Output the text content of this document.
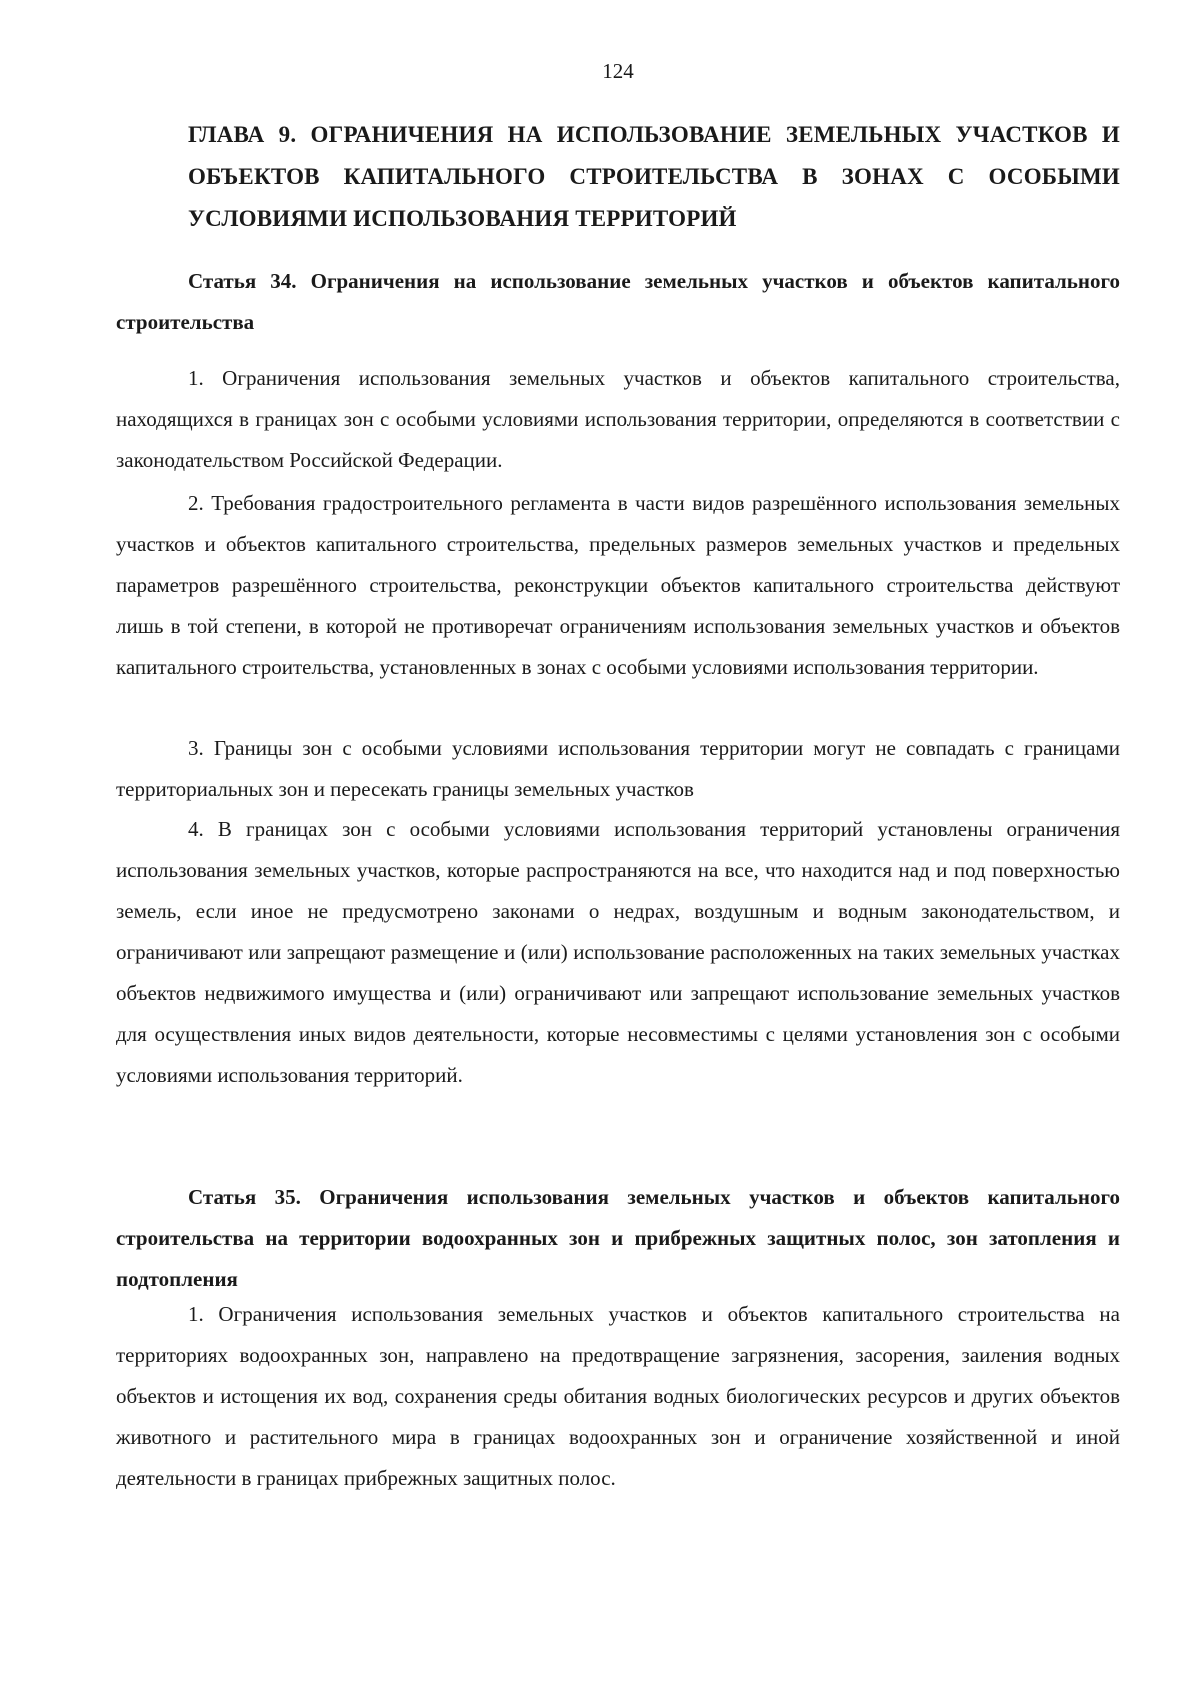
124
ГЛАВА 9. ОГРАНИЧЕНИЯ НА ИСПОЛЬЗОВАНИЕ ЗЕМЕЛЬНЫХ УЧАСТКОВ И ОБЪЕКТОВ КАПИТАЛЬНОГО СТРОИТЕЛЬСТВА В ЗОНАХ С ОСОБЫМИ УСЛОВИЯМИ ИСПОЛЬЗОВАНИЯ ТЕРРИТОРИЙ
Статья 34. Ограничения на использование земельных участков и объектов капитального строительства

1. Ограничения использования земельных участков и объектов капитального строительства, находящихся в границах зон с особыми условиями использования территории, определяются в соответствии с законодательством Российской Федерации.

2. Требования градостроительного регламента в части видов разрешённого использования земельных участков и объектов капитального строительства, предельных размеров земельных участков и предельных параметров разрешённого строительства, реконструкции объектов капитального строительства действуют лишь в той степени, в которой не противоречат ограничениям использования земельных участков и объектов капитального строительства, установленных в зонах с особыми условиями использования территории.

3. Границы зон с особыми условиями использования территории могут не совпадать с границами территориальных зон и пересекать границы земельных участков

4. В границах зон с особыми условиями использования территорий установлены ограничения использования земельных участков, которые распространяются на все, что находится над и под поверхностью земель, если иное не предусмотрено законами о недрах, воздушным и водным законодательством, и ограничивают или запрещают размещение и (или) использование расположенных на таких земельных участках объектов недвижимого имущества и (или) ограничивают или запрещают использование земельных участков для осуществления иных видов деятельности, которые несовместимы с целями установления зон с особыми условиями использования территорий.

Статья 35. Ограничения использования земельных участков и объектов капитального строительства на территории водоохранных зон и прибрежных защитных полос, зон затопления и подтопления

1. Ограничения использования земельных участков и объектов капитального строительства на территориях водоохранных зон, направлено на предотвращение загрязнения, засорения, заиления водных объектов и истощения их вод, сохранения среды обитания водных биологических ресурсов и других объектов животного и растительного мира в границах водоохранных зон и ограничение хозяйственной и иной деятельности в границах прибрежных защитных полос.
